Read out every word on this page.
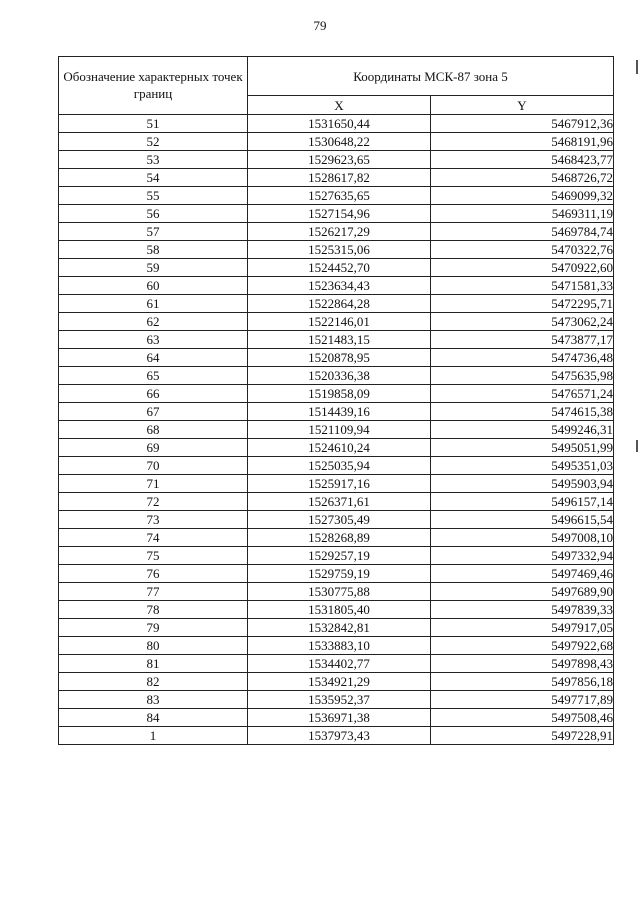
79
Обозначение характерных точек границ	Координаты МСК-87 зона 5	
	X	Y
51	1531650,44	5467912,36
52	1530648,22	5468191,96
53	1529623,65	5468423,77
54	1528617,82	5468726,72
55	1527635,65	5469099,32
56	1527154,96	5469311,19
57	1526217,29	5469784,74
58	1525315,06	5470322,76
59	1524452,70	5470922,60
60	1523634,43	5471581,33
61	1522864,28	5472295,71
62	1522146,01	5473062,24
63	1521483,15	5473877,17
64	1520878,95	5474736,48
65	1520336,38	5475635,98
66	1519858,09	5476571,24
67	1514439,16	5474615,38
68	1521109,94	5499246,31
69	1524610,24	5495051,99
70	1525035,94	5495351,03
71	1525917,16	5495903,94
72	1526371,61	5496157,14
73	1527305,49	5496615,54
74	1528268,89	5497008,10
75	1529257,19	5497332,94
76	1529759,19	5497469,46
77	1530775,88	5497689,90
78	1531805,40	5497839,33
79	1532842,81	5497917,05
80	1533883,10	5497922,68
81	1534402,77	5497898,43
82	1534921,29	5497856,18
83	1535952,37	5497717,89
84	1536971,38	5497508,46
1	1537973,43	5497228,91
